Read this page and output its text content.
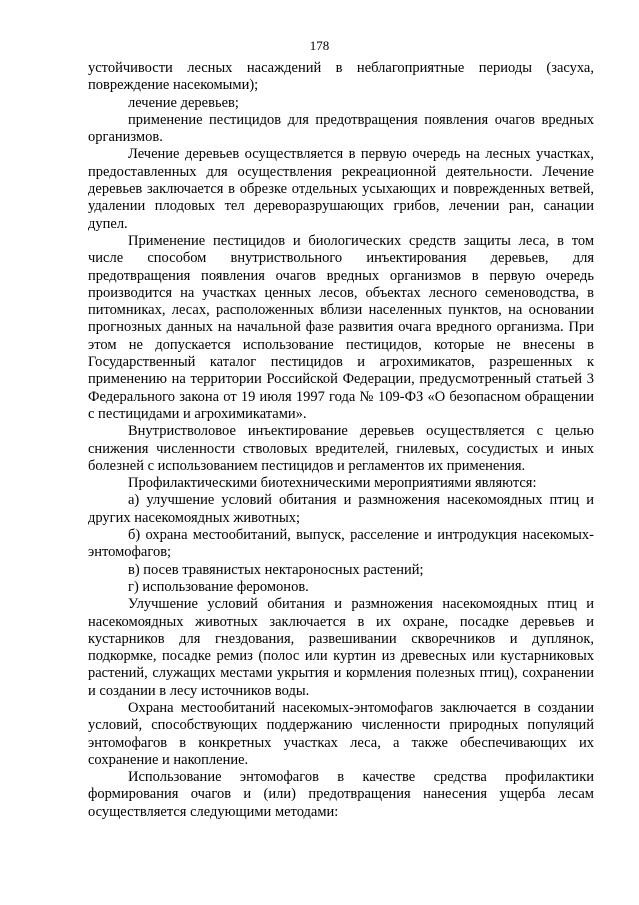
178

устойчивости лесных насаждений в неблагоприятные периоды (засуха, повреждение насекомыми);

лечение деревьев;

применение пестицидов для предотвращения появления очагов вредных организмов.

Лечение деревьев осуществляется в первую очередь на лесных участках, предоставленных для осуществления рекреационной деятельности. Лечение деревьев заключается в обрезке отдельных усыхающих и поврежденных ветвей, удалении плодовых тел дереворазрушающих грибов, лечении ран, санации дупел.

Применение пестицидов и биологических средств защиты леса, в том числе способом внутриствольного инъектирования деревьев, для предотвращения появления очагов вредных организмов в первую очередь производится на участках ценных лесов, объектах лесного семеноводства, в питомниках, лесах, расположенных вблизи населенных пунктов, на основании прогнозных данных на начальной фазе развития очага вредного организма. При этом не допускается использование пестицидов, которые не внесены в Государственный каталог пестицидов и агрохимикатов, разрешенных к применению на территории Российской Федерации, предусмотренный статьей 3 Федерального закона от 19 июля 1997 года № 109-ФЗ «О безопасном обращении с пестицидами и агрохимикатами».

Внутристволовое инъектирование деревьев осуществляется с целью снижения численности стволовых вредителей, гнилевых, сосудистых и иных болезней с использованием пестицидов и регламентов их применения.

Профилактическими биотехническими мероприятиями являются:

а) улучшение условий обитания и размножения насекомоядных птиц и других насекомоядных животных;

б) охрана местообитаний, выпуск, расселение и интродукция насекомых-энтомофагов;

в) посев травянистых нектароносных растений;

г) использование феромонов.

Улучшение условий обитания и размножения насекомоядных птиц и насекомоядных животных заключается в их охране, посадке деревьев и кустарников для гнездования, развешивании скворечников и дуплянок, подкормке, посадке ремиз (полос или куртин из древесных или кустарниковых растений, служащих местами укрытия и кормления полезных птиц), сохранении и создании в лесу источников воды.

Охрана местообитаний насекомых-энтомофагов заключается в создании условий, способствующих поддержанию численности природных популяций энтомофагов в конкретных участках леса, а также обеспечивающих их сохранение и накопление.

Использование энтомофагов в качестве средства профилактики формирования очагов и (или) предотвращения нанесения ущерба лесам осуществляется следующими методами:
